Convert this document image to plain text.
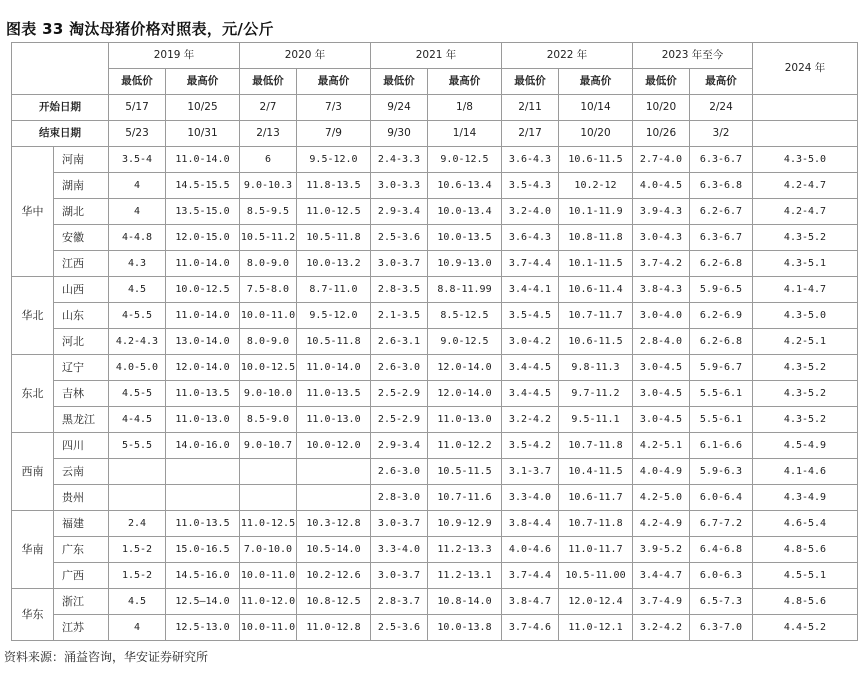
图表 33 淘汰母猪价格对照表，元/公斤
		2019 年		2020 年		2021 年		2022 年		2023 年至今		2024 年
		最低价	最高价	最低价	最高价	最低价	最高价	最低价	最高价	最低价	最高价	
开始日期		5/17	10/25	2/7	7/3	9/24	1/8	2/11	10/14	10/20	2/24	
结束日期		5/23	10/31	2/13	7/9	9/30	1/14	2/17	10/20	10/26	3/2	
华中	河南	3.5-4	11.0-14.0	6	9.5-12.0	2.4-3.3	9.0-12.5	3.6-4.3	10.6-11.5	2.7-4.0	6.3-6.7	4.3-5.0
	湖南	4	14.5-15.5	9.0-10.3	11.8-13.5	3.0-3.3	10.6-13.4	3.5-4.3	10.2-12	4.0-4.5	6.3-6.8	4.2-4.7
	湖北	4	13.5-15.0	8.5-9.5	11.0-12.5	2.9-3.4	10.0-13.4	3.2-4.0	10.1-11.9	3.9-4.3	6.2-6.7	4.2-4.7
	安徽	4-4.8	12.0-15.0	10.5-11.2	10.5-11.8	2.5-3.6	10.0-13.5	3.6-4.3	10.8-11.8	3.0-4.3	6.3-6.7	4.3-5.2
	江西	4.3	11.0-14.0	8.0-9.0	10.0-13.2	3.0-3.7	10.9-13.0	3.7-4.4	10.1-11.5	3.7-4.2	6.2-6.8	4.3-5.1
华北	山西	4.5	10.0-12.5	7.5-8.0	8.7-11.0	2.8-3.5	8.8-11.99	3.4-4.1	10.6-11.4	3.8-4.3	5.9-6.5	4.1-4.7
	山东	4-5.5	11.0-14.0	10.0-11.0	9.5-12.0	2.1-3.5	8.5-12.5	3.5-4.5	10.7-11.7	3.0-4.0	6.2-6.9	4.3-5.0
	河北	4.2-4.3	13.0-14.0	8.0-9.0	10.5-11.8	2.6-3.1	9.0-12.5	3.0-4.2	10.6-11.5	2.8-4.0	6.2-6.8	4.2-5.1
东北	辽宁	4.0-5.0	12.0-14.0	10.0-12.5	11.0-14.0	2.6-3.0	12.0-14.0	3.4-4.5	9.8-11.3	3.0-4.5	5.9-6.7	4.3-5.2
	吉林	4.5-5	11.0-13.5	9.0-10.0	11.0-13.5	2.5-2.9	12.0-14.0	3.4-4.5	9.7-11.2	3.0-4.5	5.5-6.1	4.3-5.2
	黑龙江	4-4.5	11.0-13.0	8.5-9.0	11.0-13.0	2.5-2.9	11.0-13.0	3.2-4.2	9.5-11.1	3.0-4.5	5.5-6.1	4.3-5.2
西南	四川	5-5.5	14.0-16.0	9.0-10.7	10.0-12.0	2.9-3.4	11.0-12.2	3.5-4.2	10.7-11.8	4.2-5.1	6.1-6.6	4.5-4.9
	云南					2.6-3.0	10.5-11.5	3.1-3.7	10.4-11.5	4.0-4.9	5.9-6.3	4.1-4.6
	贵州					2.8-3.0	10.7-11.6	3.3-4.0	10.6-11.7	4.2-5.0	6.0-6.4	4.3-4.9
华南	福建	2.4	11.0-13.5	11.0-12.5	10.3-12.8	3.0-3.7	10.9-12.9	3.8-4.4	10.7-11.8	4.2-4.9	6.7-7.2	4.6-5.4
	广东	1.5-2	15.0-16.5	7.0-10.0	10.5-14.0	3.3-4.0	11.2-13.3	4.0-4.6	11.0-11.7	3.9-5.2	6.4-6.8	4.8-5.6
	广西	1.5-2	14.5-16.0	10.0-11.0	10.2-12.6	3.0-3.7	11.2-13.1	3.7-4.4	10.5-11.00	3.4-4.7	6.0-6.3	4.5-5.1
华东	浙江	4.5	12.5—14.0	11.0-12.0	10.8-12.5	2.8-3.7	10.8-14.0	3.8-4.7	12.0-12.4	3.7-4.9	6.5-7.3	4.8-5.6
	江苏	4	12.5-13.0	10.0-11.0	11.0-12.8	2.5-3.6	10.0-13.8	3.7-4.6	11.0-12.1	3.2-4.2	6.3-7.0	4.4-5.2
资料来源：涌益咨询，华安证券研究所
